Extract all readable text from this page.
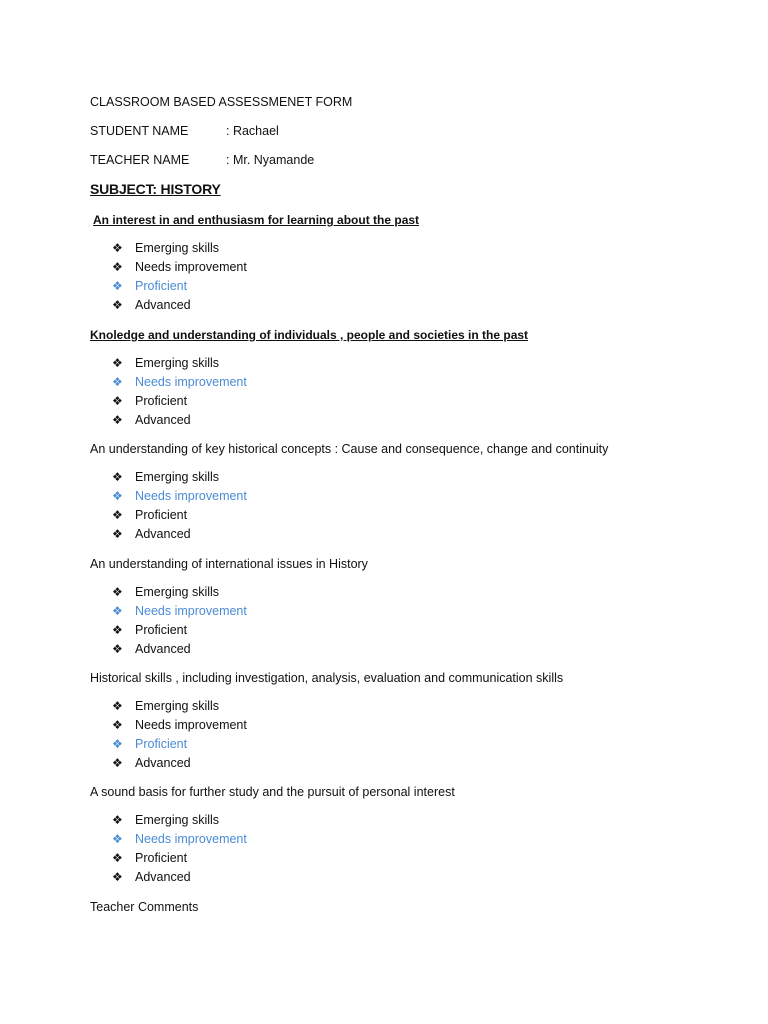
CLASSROOM BASED ASSESSMENET FORM
STUDENT NAME	: Rachael
TEACHER NAME	: Mr. Nyamande
SUBJECT: HISTORY
An interest in and enthusiasm for learning about the past
❖ Emerging skills
❖ Needs improvement
❖ Proficient
❖ Advanced
Knoledge and understanding of individuals , people and societies in the past
❖ Emerging skills
❖ Needs improvement
❖ Proficient
❖ Advanced
An understanding of key historical concepts : Cause and consequence, change and continuity
❖ Emerging skills
❖ Needs improvement
❖ Proficient
❖ Advanced
An understanding of international issues in History
❖ Emerging skills
❖ Needs improvement
❖ Proficient
❖ Advanced
Historical skills , including investigation, analysis, evaluation and communication skills
❖ Emerging skills
❖ Needs improvement
❖ Proficient
❖ Advanced
A sound basis for further study and the pursuit of personal interest
❖ Emerging skills
❖ Needs improvement
❖ Proficient
❖ Advanced
Teacher Comments
